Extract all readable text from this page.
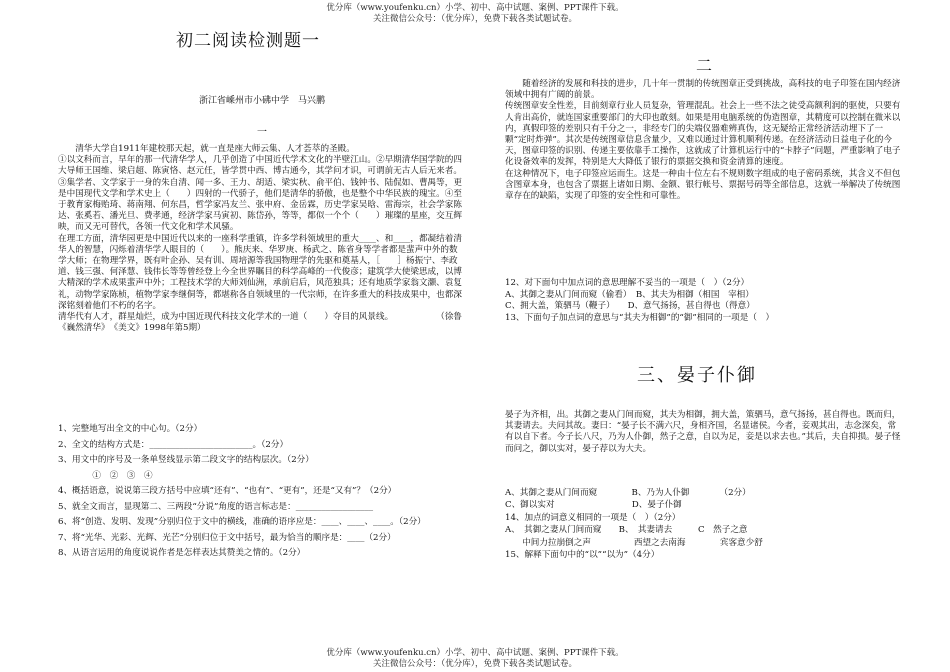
优分库（www.youfenku.cn）小学、初中、高中试题、案例、PPT课件下载。
关注微信公众号：（优分库），免费下载各类试题试卷。
初二阅读检测题一
浙江省嵊州市小砩中学　马兴鹏
一

　　清华大学自1911年建校那天起，就一直是座大师云集、人才荟萃的圣殿。

①以文科而言，早年的那一代清华学人，几乎创造了中国近代学术文化的半壁江山。②早期清华国学院的四大导师王国维、梁启超、陈寅恪、赵元任，皆学贯中西、博古通今，其学问才识，可谓前无古人后无来者。③集学者、文学家于一身的朱自清、闻一多、王力、胡适、梁实秋、俞平伯、钱钟书、陆侃如、曹禺等，更是中国现代文学和学术史上（　　）四射的一代骄子，他们是清华的骄傲，也是整个中华民族的瑰宝。④至于教育家梅贻琦、蒋南翔、何东昌，哲学家冯友兰、张申府、金岳霖，历史学家吴晗、雷海宗，社会学家陈达、张奚若、潘光旦、费孝通，经济学家马寅初、陈岱孙，等等，都似一个个（　　）璀璨的星座，交互辉映，而又无可替代，各领一代文化和学术风骚。

在理工方面，清华园更是中国近代以来的一座科学重镇，许多学科领域里的重大____、和____，都凝结着清华人的智慧，闪烁着清华学人眼目的（　　）。熊庆来、华罗庚、杨武之、陈省身等学者都是蜚声中外的数学大师；在物理学界，既有叶企孙、吴有训、周培源等我国物理学的先驱和奠基人，［　　］杨振宁、李政道、钱三强、何泽慧、钱伟长等等曾经登上今全世界瞩目的科学高峰的一代俊彦；建筑学大使梁思成，以博大精深的学术成果蜚声中外；工程技术学的大师刘仙洲，承前启后，风范独具；还有地质学家翁文灏、袁复礼，动物学家陈桢，植物学家李继侗等，都堪称各自领域里的一代宗师，在许多重大的科技成果中，也都深深铭刻着他们不朽的名字。

清华代有人才，群星灿烂，成为中国近现代科技文化学术的一道（　　）夺目的风景线。　　　　　　（徐鲁　《巍然清华》　《美文》1998年第5期）

1、完整地写出全文的中心句。（2分）

2、全文的结构方式是：________________________。（2分）

3、用文中的序号及一条单竖线显示第二段文字的结构层次。（2分）

　　　　①　②　③　④

4、概括语意，说说第三段方括号中应填“还有”、“也有”、“更有”，还是“又有”？（2分）

5、就全文而言，显现第二、三两段“分说”角度的语言标志是：__________________

6、将“创造、发明、发现”分别归位于文中的横线，准确的语序应是：____、____、____。（2分）

7、将“光华、光彩、光辉、光芒”分别归位于文中括号，最为恰当的顺序是：____（2分）

8、从语言运用的角度说说作者是怎样表达其赞美之情的。（2分）

二

　　随着经济的发展和科技的进步，几十年一贯制的传统图章正受到挑战，高科技的电子印签在国内经济领域中拥有广阔的前景。

传统图章安全性差，目前刻章行业人员复杂，管理混乱。社会上一些不法之徒受高额利润的驱使，只要有人肯出高价，就连国家重要部门的大印也敢刻。如果是用电脑系统的伪造图章，其精度可以控制在微米以内，真假印签的差别只有千分之一，非经专门的尖端仪器难辨真伪，这无疑给正常经济活动埋下了一颗“定时炸弹”。其次是传统图章信息含量少，又难以通过计算机顺利传递。在经济活动日益电子化的今天，图章印签的识别、传递主要依靠手工操作，这就成了计算机运行中的“卡脖子”问题，严重影响了电子化设备效率的发挥，特别是大大降低了银行的票据交换和资金清算的速度。

在这种情况下，电子印签应运而生。这是一种由十位左右不规则数字组成的电子密码系统，其含义不但包含图章本身，也包含了票据上诸如日期、金额、银行帐号、票据号码等全部信息，这就一举解决了传统图章存在的缺陷，实现了印签的安全性和可靠性。

12、对下面句中加点词的意思理解不妥当的一项是（　）（2分）

A、其御之妻从门间而窥（偷看）　B、其夫为相御（相国　宰相）

C、拥大盖，策驷马（鞭子）　　D、意气扬扬，甚自得也（得意）

13、下面句子加点词的意思与“其夫为相御”的“御”相同的一项是（　）

三、晏子仆御
晏子为齐相，出。其御之妻从门间而窥，其夫为相御，拥大盖，策驷马，意气扬扬，甚自得也。既而归，其妻请去。夫问其故。妻曰：“晏子长不满六尺，身相齐国，名显诸侯。今者，妾观其出，志念深矣，常有以自下者。今子长八尺，乃为人仆御，然子之意，自以为足，妾是以求去也。”其后，夫自抑损。晏子怪而问之，御以实对，晏子荐以为大夫。

A、其御之妻从门间而窥　　　　B、乃为人仆御　　　　（2分）

C、御以实对　　　　　　　　　D、晏子仆御

14、加点的词意义相同的一项是（　）（2分）

A、　其御之妻从门间而窥　　B、　其妻请去　　　C　然子之意

　　中间力拉崩倒之声　　　　　西望之去南海　　　　宾客意少舒

15、解释下面句中的“以”“以为”（4分）

优分库（www.youfenku.cn）小学、初中、高中试题、案例、PPT课件下载。
关注微信公众号：（优分库），免费下载各类试题试卷。
